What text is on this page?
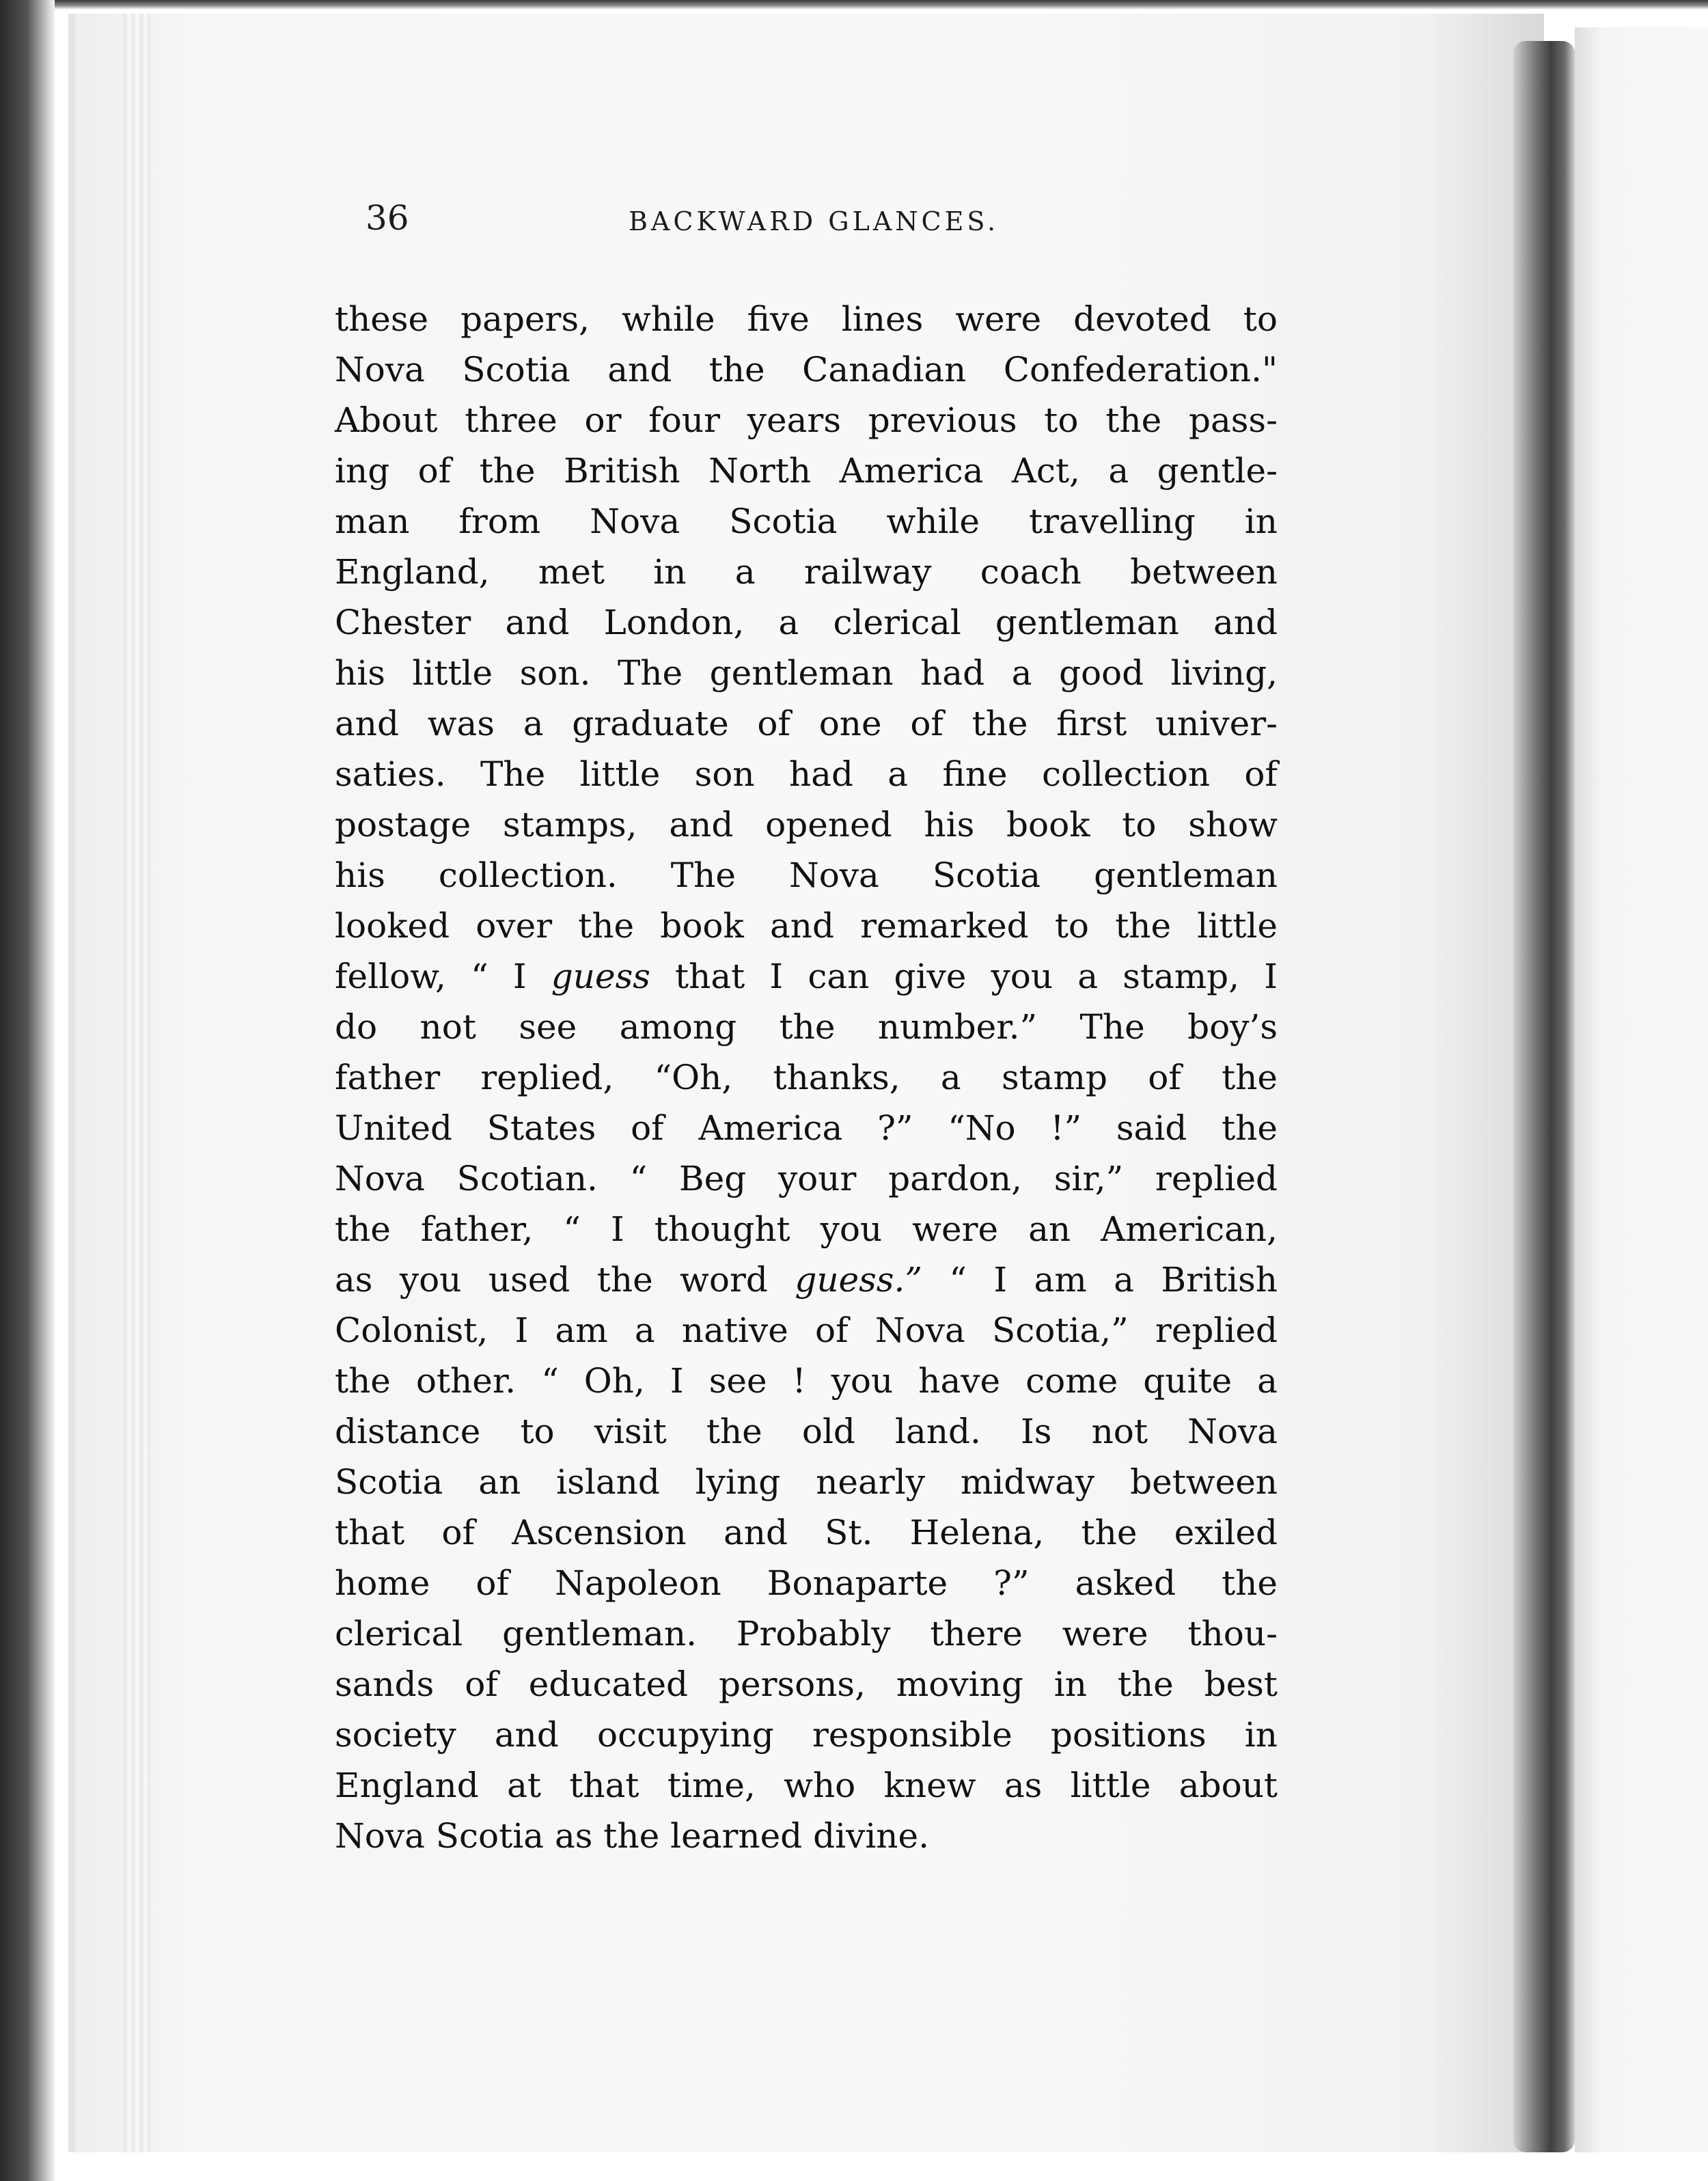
36	BACKWARD GLANCES.
these papers, while five lines were devoted to
Nova Scotia and the Canadian Confederation."
About three or four years previous to the pass-
ing of the British North America Act, a gentle-
man from Nova Scotia while travelling in
England, met in a railway coach between
Chester and London, a clerical gentleman and
his little son. The gentleman had a good living,
and was a graduate of one of the first univer-
saties. The little son had a fine collection of
postage stamps, and opened his book to show
his collection. The Nova Scotia gentleman
looked over the book and remarked to the little
fellow, “ I guess that I can give you a stamp, I
do not see among the number.” The boy’s
father replied, “Oh, thanks, a stamp of the
United States of America ?” “No !” said the
Nova Scotian. “ Beg your pardon, sir,” replied
the father, “ I thought you were an American,
as you used the word guess.” “ I am a British
Colonist, I am a native of Nova Scotia,” replied
the other. “ Oh, I see ! you have come quite a
distance to visit the old land. Is not Nova
Scotia an island lying nearly midway between
that of Ascension and St. Helena, the exiled
home of Napoleon Bonaparte ?” asked the
clerical gentleman. Probably there were thou-
sands of educated persons, moving in the best
society and occupying responsible positions in
England at that time, who knew as little about
Nova Scotia as the learned divine.
